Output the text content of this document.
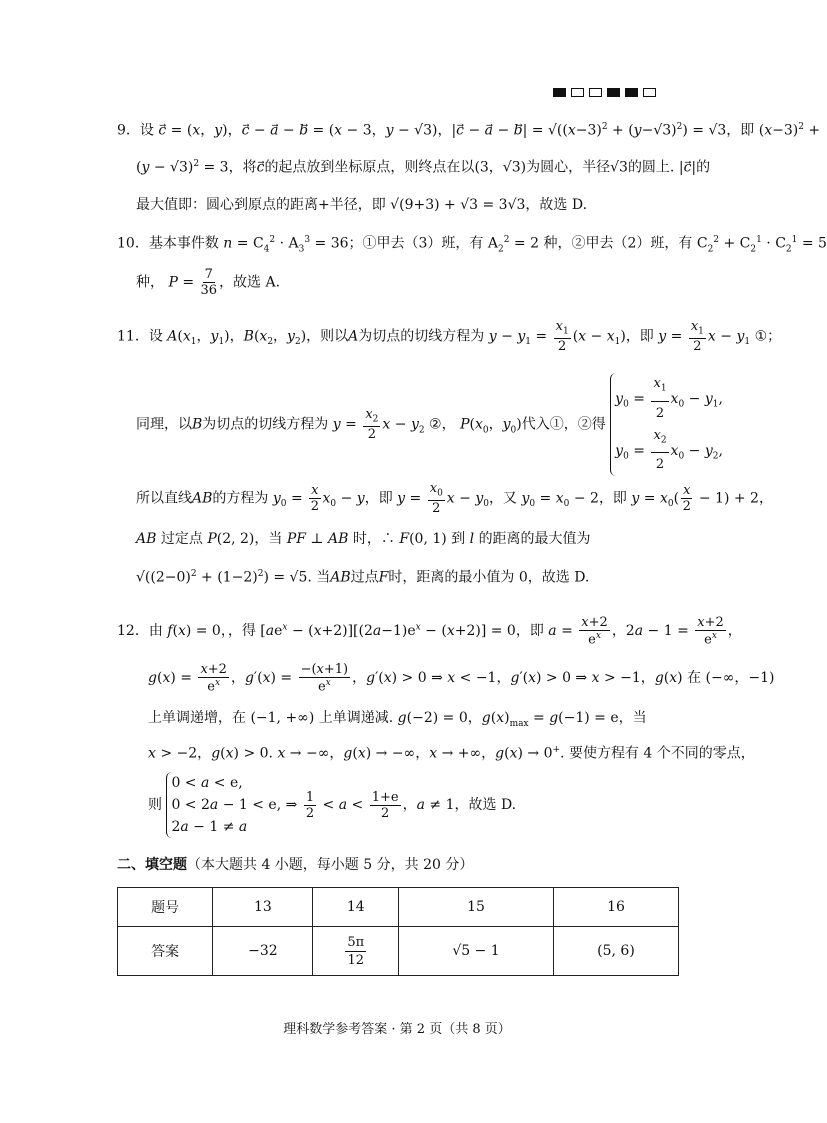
9．设 c⃗ = (x，y)，c⃗ − a⃗ − b⃗ = (x − 3，y − √3)，|c⃗ − a⃗ − b⃗| = $√((x-3)^2 + (y-√3)^2) = √3$，即 $(x-3)^2$ +
$(y - √3)^2 = 3$，将c的起点放到坐标原点，则终点在以(3，√3)为圆心，半径√3的圆上. |c⃗|的
最大值即：圆心到原点的距离+半径，即 √(9+3) + √3 = 3√3，故选 D.
10．基本事件数 $n = C_4^2 \cdot A_3^3 = 36$；①甲去（3）班，有 $A_2^2 = 2$ 种，②甲去（2）班，有 $C_2^2 + C_2^1 \cdot C_2^1 = 5$
种， $P = \frac{7}{36}$ ，故选 A.
11．设 $A(x_1$，$y_1$)，$B(x_2$，$y_2$)，则以A为切点的切线方程为 $y - y_1 = \frac{x_1}{2} (x - x_1)$，即 $y = \frac{x_1}{2}$ $x - y_1$ ①；
同理，以B为切点的切线方程为 $y = \frac{x_2}{2}$ $x - y_2$ ②， $P(x_0$，$y_0$)代入①，②得
$y_0 = \frac{x_1}{2} x_0 - y_1$,
$y_0 = \frac{x_2}{2} x_0 - y_2$,
所以直线AB的方程为 $y_0 = \frac{x}{2} x_0 - y$，即 $y = \frac{x_0}{2}$ $x - y_0$，又 $y_0 = x_0 - 2$，即 $y = x_0( \frac{x}{2} - 1) + 2$，
AB 过定点 P(2, 2)，当 PF ⊥ AB 时，∴ F(0, 1) 到 l 的距离的最大值为
$√((2-0)^2 + (1-2)^2) = √5$. 当AB过点F时，距离的最小值为 0，故选 D.
12．由 f(x) = 0，，得 $[ae^x - (x+2)][(2a-1)e^x - (x+2)] = 0$，即 $a = \frac{x+2}{e^x}$ ，$2a - 1 = \frac{x+2}{e^x}$ ，
$g(x) = \frac{x+2}{e^x}$ ，$g'(x) = \frac{-(x+1)}{e^x}$ ，g′(x) > 0 ⇒ x < −1，g′(x) > 0 ⇒ x > −1，g(x) 在 (−∞，−1)
上单调递增，在 (−1, +∞) 上单调递减. g(−2) = 0，$g(x)_{max} = g(-1) = e$，当
x > −2，g(x) > 0. x → −∞，g(x) → −∞，x → +∞，g(x) → 0+. 要使方程有 4 个不同的零点，
则
0 < a < e,
0 < 2a − 1 < e,
2a − 1 ≠ a
⇒ $\frac{1}{2} < a < \frac{1+e}{2}$ ，a ≠ 1，故选 D.
二、填空题（本大题共 4 小题，每小题 5 分，共 20 分）
题号	13	14	15	16
答案	−32	$\frac{5\pi}{12}$	√5 − 1	(5, 6)
理科数学参考答案 · 第 2 页（共 8 页）
